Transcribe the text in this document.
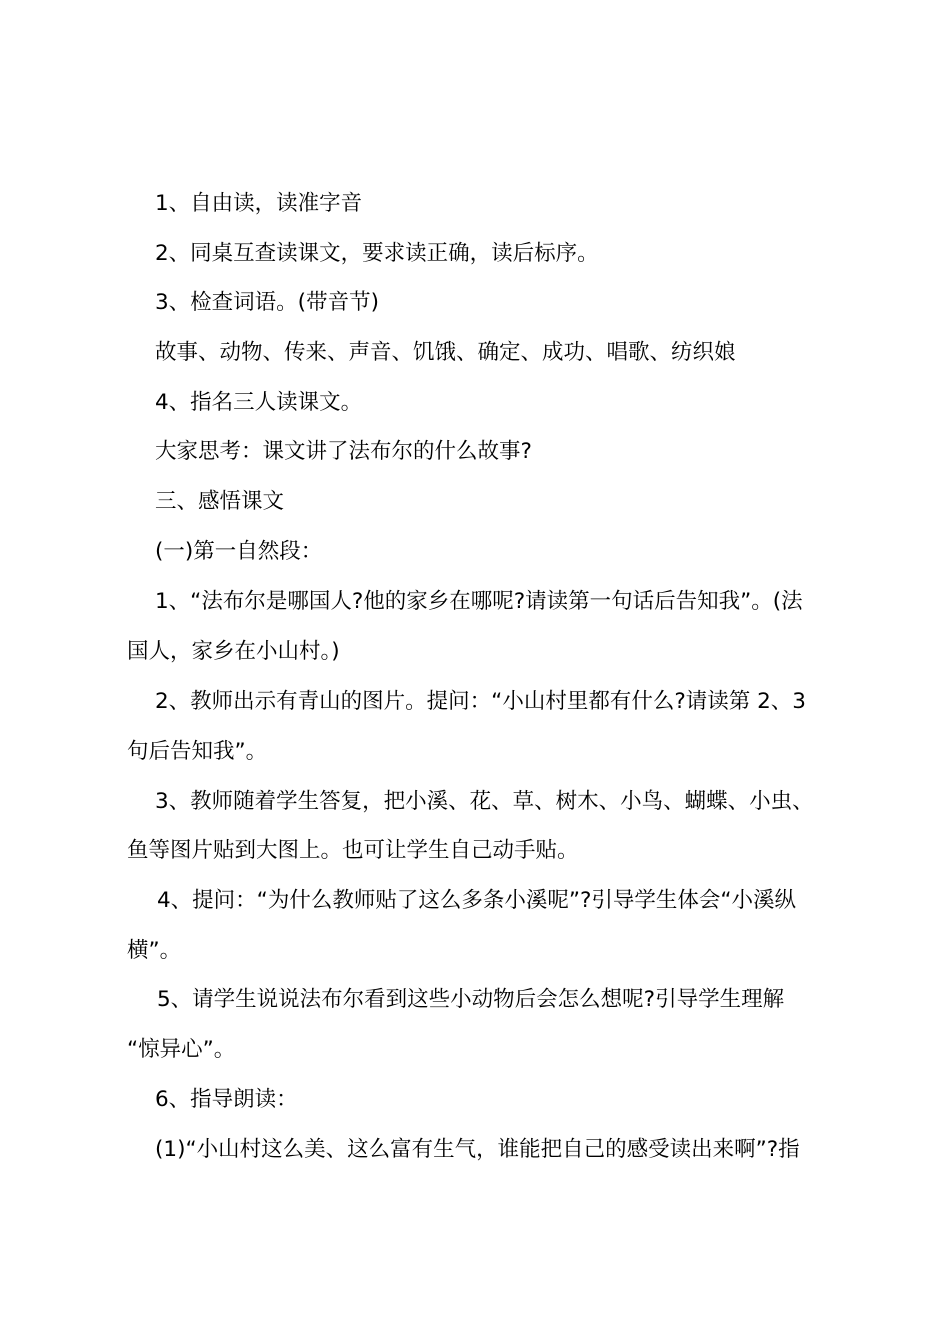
1、自由读，读准字音

2、同桌互查读课文，要求读正确，读后标序。

3、检查词语。(带音节)

故事、动物、传来、声音、饥饿、确定、成功、唱歌、纺织娘

4、指名三人读课文。

大家思考：课文讲了法布尔的什么故事?

三、感悟课文

(一)第一自然段：

1、“法布尔是哪国人?他的家乡在哪呢?请读第一句话后告知我”。(法

国人，家乡在小山村。)

2、教师出示有青山的图片。提问：“小山村里都有什么?请读第 2、3

句后告知我”。

3、教师随着学生答复，把小溪、花、草、树木、小鸟、蝴蝶、小虫、

鱼等图片贴到大图上。也可让学生自己动手贴。

4、提问：“为什么教师贴了这么多条小溪呢”?引导学生体会“小溪纵

横”。

5、请学生说说法布尔看到这些小动物后会怎么想呢?引导学生理解

“惊异心”。

6、指导朗读：

(1)“小山村这么美、这么富有生气，谁能把自己的感受读出来啊”?指
